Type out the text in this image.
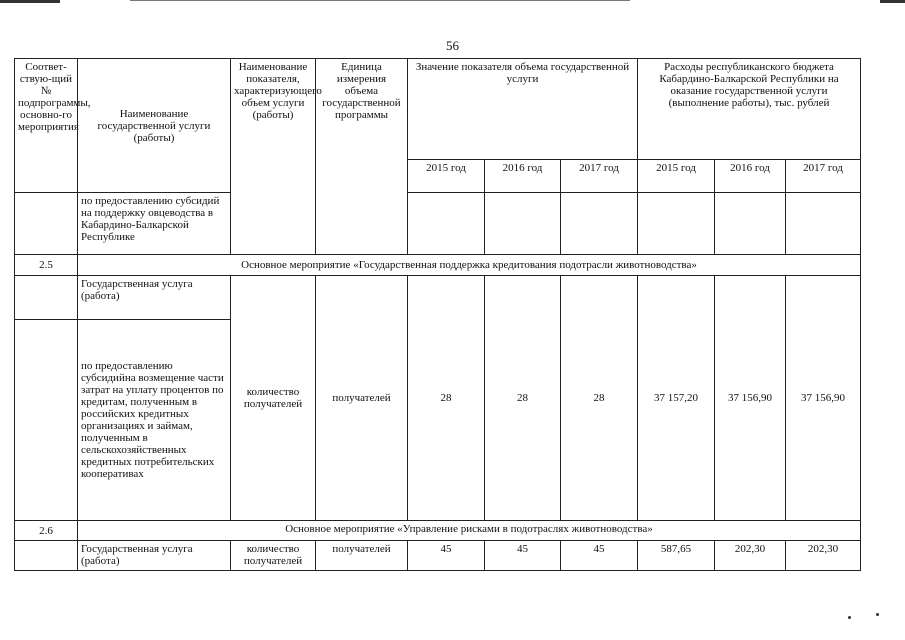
56
Соответ-ствую-щий № подпрограммы, основно-го мероприятия	Наименование государственной услуги (работы)	Наименование показателя, характеризующего объем услуги (работы)	Единица измерения объема государственной программы	Значение показателя объема государственной услуги			Расходы республиканского бюджета Кабардино-Балкарской Республики на оказание государственной услуги (выполнение работы), тыс. рублей		
				2015 год	2016 год	2017 год	2015 год	2016 год	2017 год
	по предоставлению субсидий на поддержку овцеводства в Кабардино-Балкарской Республике								
2.5	Основное мероприятие «Государственная поддержка кредитования подотрасли животноводства»								
	Государственная услуга (работа)	количество получателей	получателей	28	28	28	37 157,20	37 156,90	37 156,90
	по предоставлению субсидийна возмещение части затрат на уплату процентов по кредитам, полученным в российских кредитных организациях и займам, полученным в сельскохозяйственных кредитных потребительских кооперативах								
2.6	Основное мероприятие «Управление рисками в подотраслях животноводства»								
	Государственная услуга (работа)	количество получателей	получателей	45	45	45	587,65	202,30	202,30
